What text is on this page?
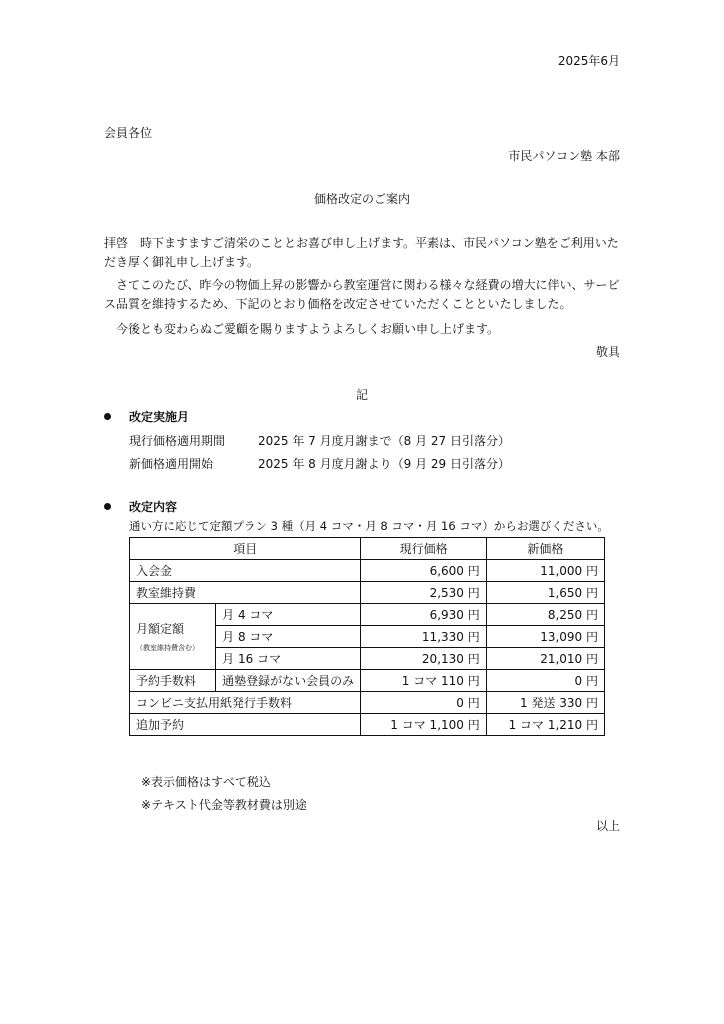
2025年6月
会員各位
市民パソコン塾 本部
価格改定のご案内

拝啓　時下ますますご清栄のこととお喜び申し上げます。平素は、市民パソコン塾をご利用いただき厚く御礼申し上げます。

　さてこのたび、昨今の物価上昇の影響から教室運営に関わる様々な経費の増大に伴い、サービス品質を維持するため、下記のとおり価格を改定させていただくことといたしました。

　今後とも変わらぬご愛顧を賜りますようよろしくお願い申し上げます。

敬具
記
改定実施月
現行価格適用期間	2025 年 7 月度月謝まで（8 月 27 日引落分）
新価格適用開始	2025 年 8 月度月謝より（9 月 29 日引落分）
改定内容
通い方に応じて定額プラン 3 種（月 4 コマ・月 8 コマ・月 16 コマ）からお選びください。
項目		現行価格	新価格
入会金		6,600 円	11,000 円
教室維持費		2,530 円	1,650 円
月額定額
（教室維持費含む）	月 4 コマ	6,930 円	8,250 円
	月 8 コマ	11,330 円	13,090 円
	月 16 コマ	20,130 円	21,010 円
予約手数料	通塾登録がない会員のみ	1 コマ 110 円	0 円
コンビニ支払用紙発行手数料		0 円	1 発送 330 円
追加予約		1 コマ 1,100 円	1 コマ 1,210 円
※表示価格はすべて税込
※テキスト代金等教材費は別途
以上
